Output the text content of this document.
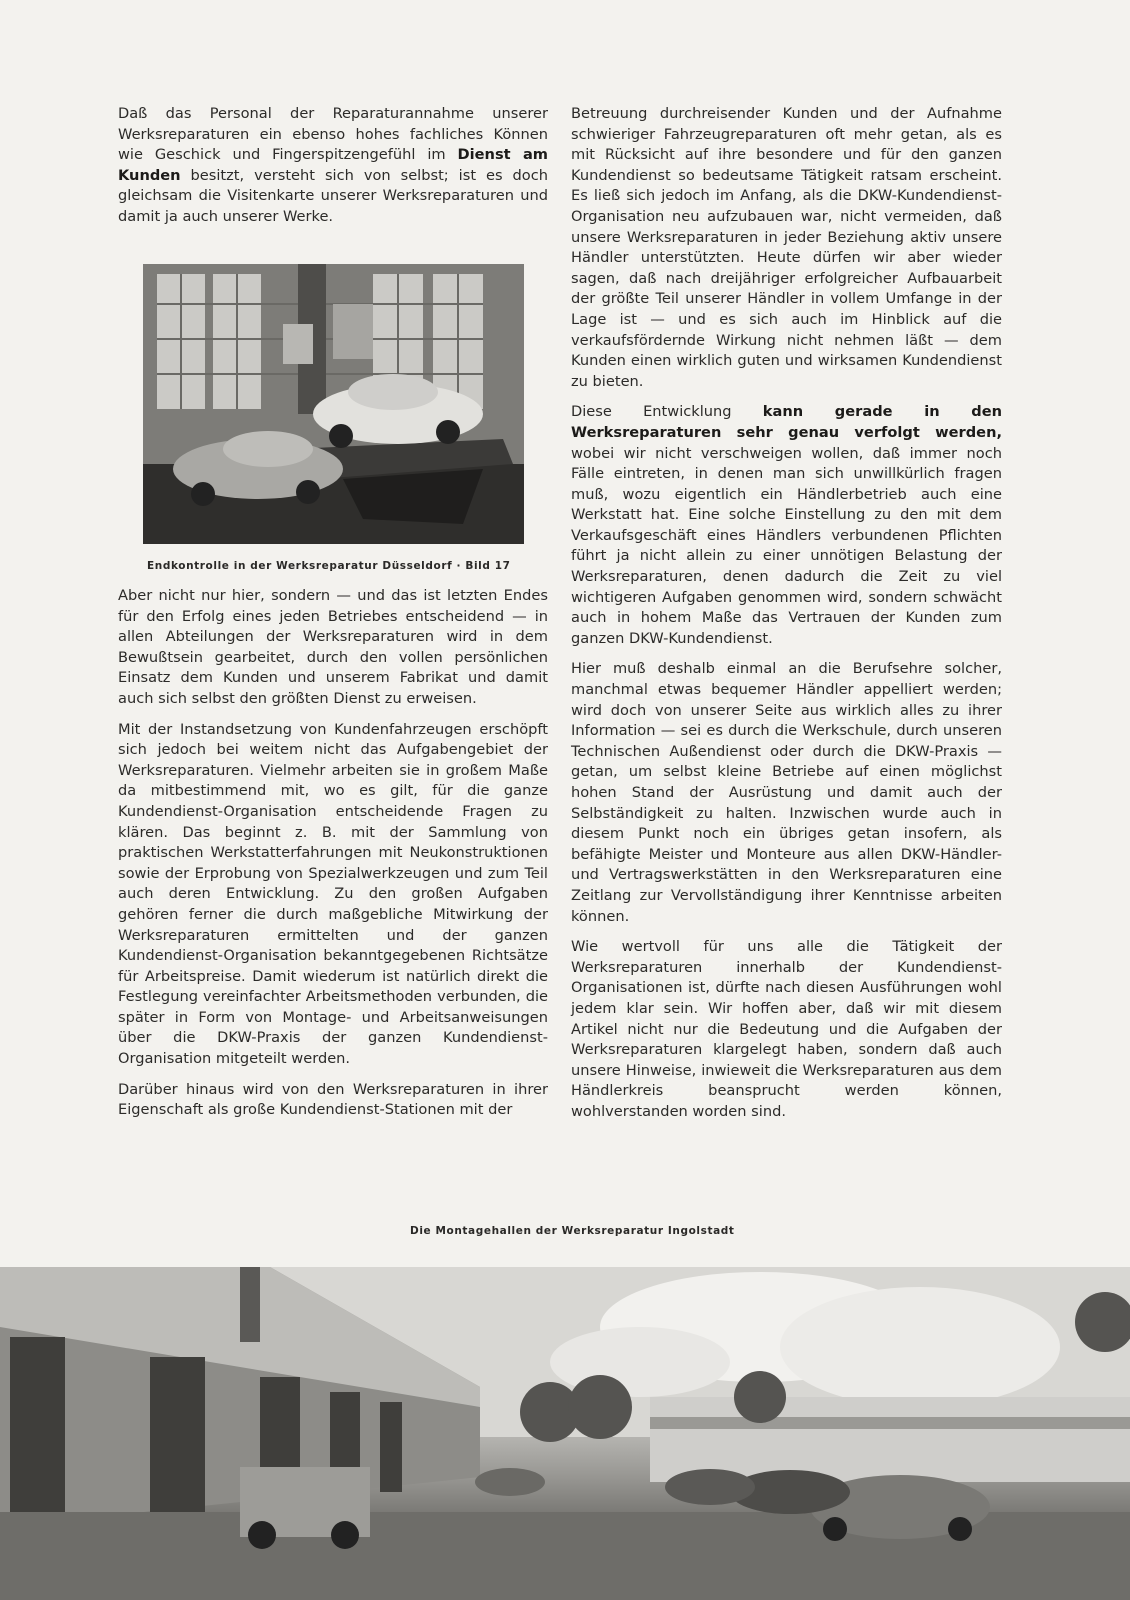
Daß das Personal der Reparaturannahme unserer Werksreparaturen ein ebenso hohes fachliches Können wie Geschick und Fingerspitzengefühl im Dienst am Kunden besitzt, versteht sich von selbst; ist es doch gleichsam die Visitenkarte unserer Werksreparaturen und damit ja auch unserer Werke.

Aber nicht nur hier, sondern — und das ist letzten Endes für den Erfolg eines jeden Betriebes entscheidend — in allen Abteilungen der Werksreparaturen wird in dem Bewußtsein gearbeitet, durch den vollen persönlichen Einsatz dem Kunden und unserem Fabrikat und damit auch sich selbst den größten Dienst zu erweisen.

Mit der Instandsetzung von Kundenfahrzeugen erschöpft sich jedoch bei weitem nicht das Aufgabengebiet der Werksreparaturen. Vielmehr arbeiten sie in großem Maße da mitbestimmend mit, wo es gilt, für die ganze Kundendienst-Organisation entscheidende Fragen zu klären. Das beginnt z. B. mit der Sammlung von praktischen Werkstatterfahrungen mit Neukonstruktionen sowie der Erprobung von Spezialwerkzeugen und zum Teil auch deren Entwicklung. Zu den großen Aufgaben gehören ferner die durch maßgebliche Mitwirkung der Werksreparaturen ermittelten und der ganzen Kundendienst-Organisation bekanntgegebenen Richtsätze für Arbeitspreise. Damit wiederum ist natürlich direkt die Festlegung vereinfachter Arbeitsmethoden verbunden, die später in Form von Montage- und Arbeitsanweisungen über die DKW-Praxis der ganzen Kundendienst-Organisation mitgeteilt werden.

Darüber hinaus wird von den Werksreparaturen in ihrer Eigenschaft als große Kundendienst-Stationen mit der

Endkontrolle in der Werksreparatur Düsseldorf · Bild 17

Betreuung durchreisender Kunden und der Aufnahme schwieriger Fahrzeugreparaturen oft mehr getan, als es mit Rücksicht auf ihre besondere und für den ganzen Kundendienst so bedeutsame Tätigkeit ratsam erscheint. Es ließ sich jedoch im Anfang, als die DKW-Kundendienst-Organisation neu aufzubauen war, nicht vermeiden, daß unsere Werksreparaturen in jeder Beziehung aktiv unsere Händler unterstützten. Heute dürfen wir aber wieder sagen, daß nach dreijähriger erfolgreicher Aufbauarbeit der größte Teil unserer Händler in vollem Umfange in der Lage ist — und es sich auch im Hinblick auf die verkaufsfördernde Wirkung nicht nehmen läßt — dem Kunden einen wirklich guten und wirksamen Kundendienst zu bieten.

Diese Entwicklung kann gerade in den Werksreparaturen sehr genau verfolgt werden, wobei wir nicht verschweigen wollen, daß immer noch Fälle eintreten, in denen man sich unwillkürlich fragen muß, wozu eigentlich ein Händlerbetrieb auch eine Werkstatt hat. Eine solche Einstellung zu den mit dem Verkaufsgeschäft eines Händlers verbundenen Pflichten führt ja nicht allein zu einer unnötigen Belastung der Werksreparaturen, denen dadurch die Zeit zu viel wichtigeren Aufgaben genommen wird, sondern schwächt auch in hohem Maße das Vertrauen der Kunden zum ganzen DKW-Kundendienst.

Hier muß deshalb einmal an die Berufsehre solcher, manchmal etwas bequemer Händler appelliert werden; wird doch von unserer Seite aus wirklich alles zu ihrer Information — sei es durch die Werkschule, durch unseren Technischen Außendienst oder durch die DKW-Praxis — getan, um selbst kleine Betriebe auf einen möglichst hohen Stand der Ausrüstung und damit auch der Selbständigkeit zu halten. Inzwischen wurde auch in diesem Punkt noch ein übriges getan insofern, als befähigte Meister und Monteure aus allen DKW-Händler- und Vertragswerkstätten in den Werksreparaturen eine Zeitlang zur Vervollständigung ihrer Kenntnisse arbeiten können.

Wie wertvoll für uns alle die Tätigkeit der Werksreparaturen innerhalb der Kundendienst-Organisationen ist, dürfte nach diesen Ausführungen wohl jedem klar sein. Wir hoffen aber, daß wir mit diesem Artikel nicht nur die Bedeutung und die Aufgaben der Werksreparaturen klargelegt haben, sondern daß auch unsere Hinweise, inwieweit die Werksreparaturen aus dem Händlerkreis beansprucht werden können, wohlverstanden worden sind.

Die Montagehallen der Werksreparatur Ingolstadt
